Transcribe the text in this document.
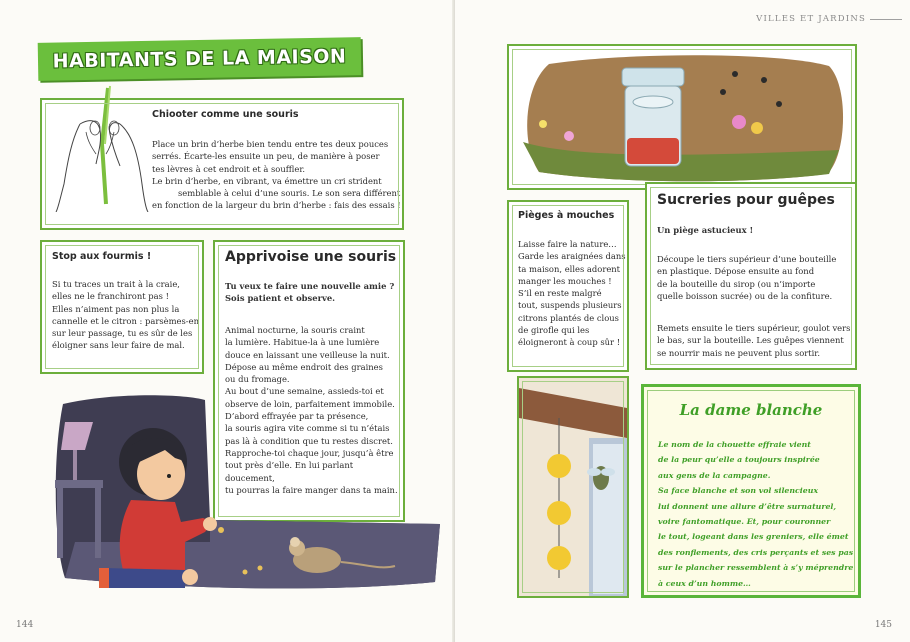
HABITANTS DE LA MAISON
Chiooter comme une souris
Place un brin d’herbe bien tendu entre tes deux pouces
serrés. Écarte-les ensuite un peu, de manière à poser
tes lèvres à cet endroit et à souffler.
Le brin d’herbe, en vibrant, va émettre un cri strident
semblable à celui d’une souris. Le son sera différent
en fonction de la largeur du brin d’herbe : fais des essais !
Stop aux fourmis !
Si tu traces un trait à la craie,
elles ne le franchiront pas !
Elles n’aiment pas non plus la
cannelle et le citron : parsèmes-en
sur leur passage, tu es sûr de les
éloigner sans leur faire de mal.
Apprivoise une souris
Tu veux te faire une nouvelle amie ?
Sois patient et observe.
Animal nocturne, la souris craint
la lumière. Habitue-la à une lumière
douce en laissant une veilleuse la nuit.
Dépose au même endroit des graines
ou du fromage.
Au bout d’une semaine, assieds-toi et
observe de loin, parfaitement immobile.
D’abord effrayée par ta présence,
la souris agira vite comme si tu n’étais
pas là à condition que tu restes discret.
Rapproche-toi chaque jour, jusqu’à être
tout près d’elle. En lui parlant doucement,
tu pourras la faire manger dans ta main.
144
VILLES ET JARDINS
Pièges à mouches
Laisse faire la nature…
Garde les araignées dans
ta maison, elles adorent
manger les mouches !
S’il en reste malgré
tout, suspends plusieurs
citrons plantés de clous
de girofle qui les
éloigneront à coup sûr !
Sucreries pour guêpes
Un piège astucieux !
Découpe le tiers supérieur d’une bouteille
en plastique. Dépose ensuite au fond
de la bouteille du sirop (ou n’importe
quelle boisson sucrée) ou de la confiture.
Remets ensuite le tiers supérieur, goulot vers
le bas, sur la bouteille. Les guêpes viennent
se nourrir mais ne peuvent plus sortir.
La dame blanche
Le nom de la chouette effraie vient
de la peur qu’elle a toujours inspirée
aux gens de la campagne.
Sa face blanche et son vol silencieux
lui donnent une allure d’être surnaturel,
voire fantomatique. Et, pour couronner
le tout, logeant dans les greniers, elle émet
des ronflements, des cris perçants et ses pas
sur le plancher ressemblent à s’y méprendre
à ceux d’un homme…
145
